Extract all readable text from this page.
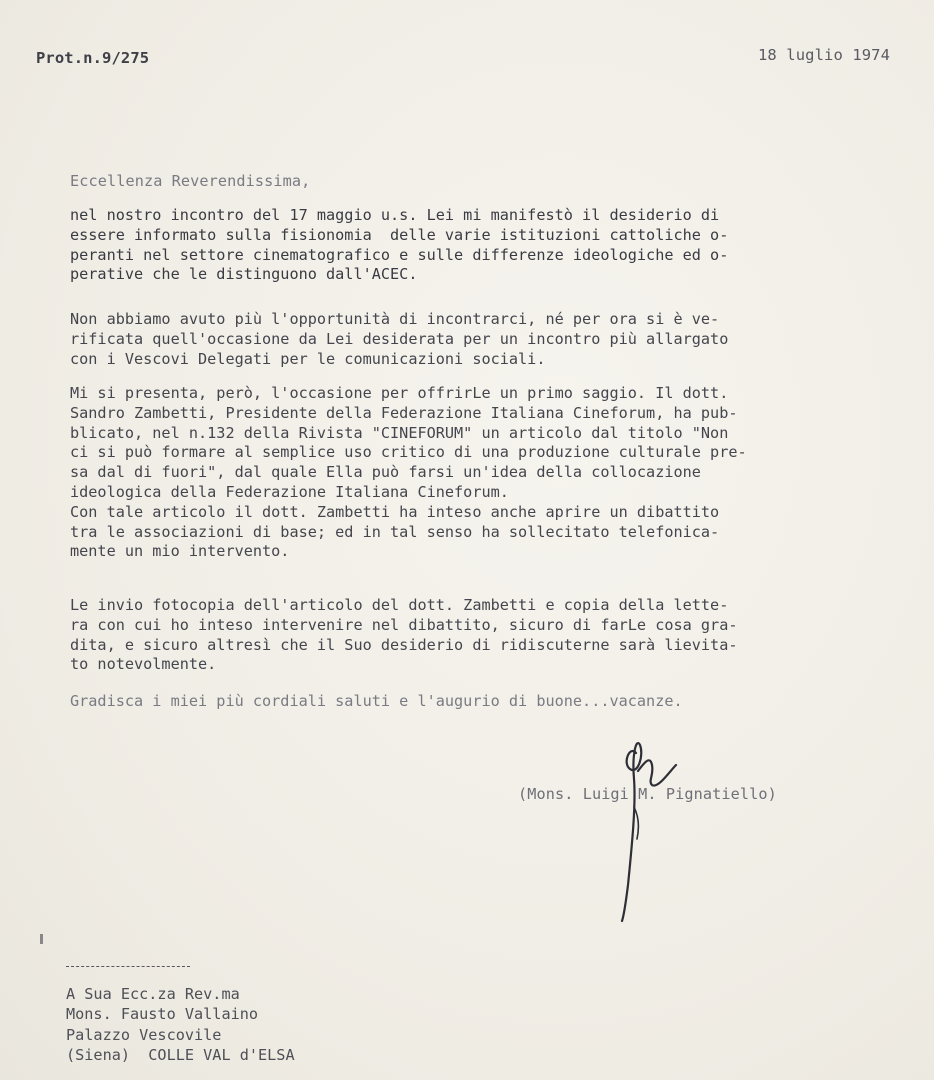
Prot.n.9/275	18 luglio 1974
Eccellenza Reverendissima,
nel nostro incontro del 17 maggio u.s. Lei mi manifestò il desiderio di
essere informato sulla fisionomia  delle varie istituzioni cattoliche o-
peranti nel settore cinematografico e sulle differenze ideologiche ed o-
perative che le distinguono dall'ACEC.
Non abbiamo avuto più l'opportunità di incontrarci, né per ora si è ve-
rificata quell'occasione da Lei desiderata per un incontro più allargato
con i Vescovi Delegati per le comunicazioni sociali.
Mi si presenta, però, l'occasione per offrirLe un primo saggio. Il dott.
Sandro Zambetti, Presidente della Federazione Italiana Cineforum, ha pub-
blicato, nel n.132 della Rivista "CINEFORUM" un articolo dal titolo "Non
ci si può formare al semplice uso critico di una produzione culturale pre-
sa dal di fuori", dal quale Ella può farsi un'idea della collocazione
ideologica della Federazione Italiana Cineforum.
Con tale articolo il dott. Zambetti ha inteso anche aprire un dibattito
tra le associazioni di base; ed in tal senso ha sollecitato telefonica-
mente un mio intervento.
Le invio fotocopia dell'articolo del dott. Zambetti e copia della lette-
ra con cui ho inteso intervenire nel dibattito, sicuro di farLe cosa gra-
dita, e sicuro altresì che il Suo desiderio di ridiscuterne sarà lievita-
to notevolmente.
Gradisca i miei più cordiali saluti e l'augurio di buone...vacanze.
(Mons. Luigi M. Pignatiello)
A Sua Ecc.za Rev.ma
Mons. Fausto Vallaino
Palazzo Vescovile
(Siena)  COLLE VAL d'ELSA
